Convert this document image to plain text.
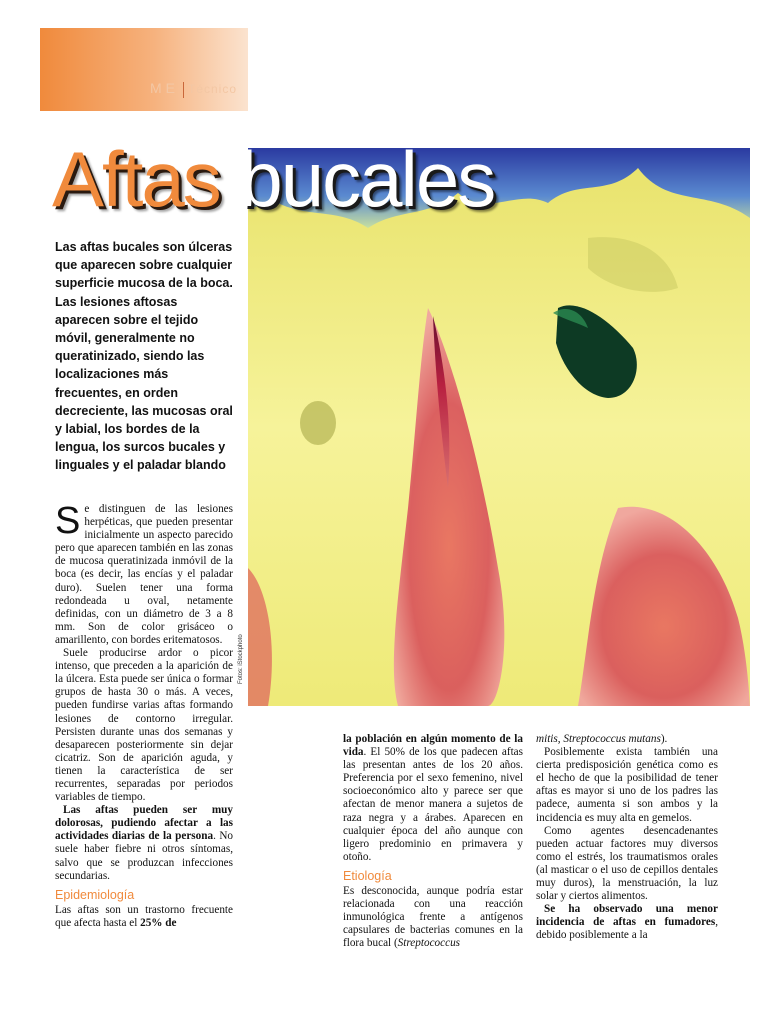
ME Técnico
Aftas bucales
Las aftas bucales son úlceras que aparecen sobre cualquier superficie mucosa de la boca. Las lesiones aftosas aparecen sobre el tejido móvil, generalmente no queratinizado, siendo las localizaciones más frecuentes, en orden decreciente, las mucosas oral y labial, los bordes de la lengua, los surcos bucales y linguales y el paladar blando
Fotos: iStockphoto

Se distinguen de las lesiones herpéticas, que pueden presentar inicialmente un aspecto parecido pero que aparecen también en las zonas de mucosa queratinizada inmóvil de la boca (es decir, las encías y el paladar duro). Suelen tener una forma redondeada u oval, netamente definidas, con un diámetro de 3 a 8 mm. Son de color grisáceo o amarillento, con bordes eritematosos.

Suele producirse ardor o picor intenso, que preceden a la aparición de la úlcera. Esta puede ser única o formar grupos de hasta 30 o más. A veces, pueden fundirse varias aftas formando lesiones de contorno irregular. Persisten durante unas dos semanas y desaparecen posteriormente sin dejar cicatriz. Son de aparición aguda, y tienen la característica de ser recurrentes, separadas por periodos variables de tiempo.

Las aftas pueden ser muy dolorosas, pudiendo afectar a las actividades diarias de la persona. No suele haber fiebre ni otros síntomas, salvo que se produzcan infecciones secundarias.

Epidemiología

Las aftas son un trastorno frecuente que afecta hasta el 25% de

la población en algún momento de la vida. El 50% de los que padecen aftas las presentan antes de los 20 años. Preferencia por el sexo femenino, nivel socioeconómico alto y parece ser que afectan de menor manera a sujetos de raza negra y a árabes. Aparecen en cualquier época del año aunque con ligero predominio en primavera y otoño.

Etiología

Es desconocida, aunque podría estar relacionada con una reacción inmunológica frente a antígenos capsulares de bacterias comunes en la flora bucal (Streptococcus

mitis, Streptococcus mutans).

Posiblemente exista también una cierta predisposición genética como es el hecho de que la posibilidad de tener aftas es mayor si uno de los padres las padece, aumenta si son ambos y la incidencia es muy alta en gemelos.

Como agentes desencadenantes pueden actuar factores muy diversos como el estrés, los traumatismos orales (al masticar o el uso de cepillos dentales muy duros), la menstruación, la luz solar y ciertos alimentos.

Se ha observado una menor incidencia de aftas en fumadores, debido posiblemente a la
